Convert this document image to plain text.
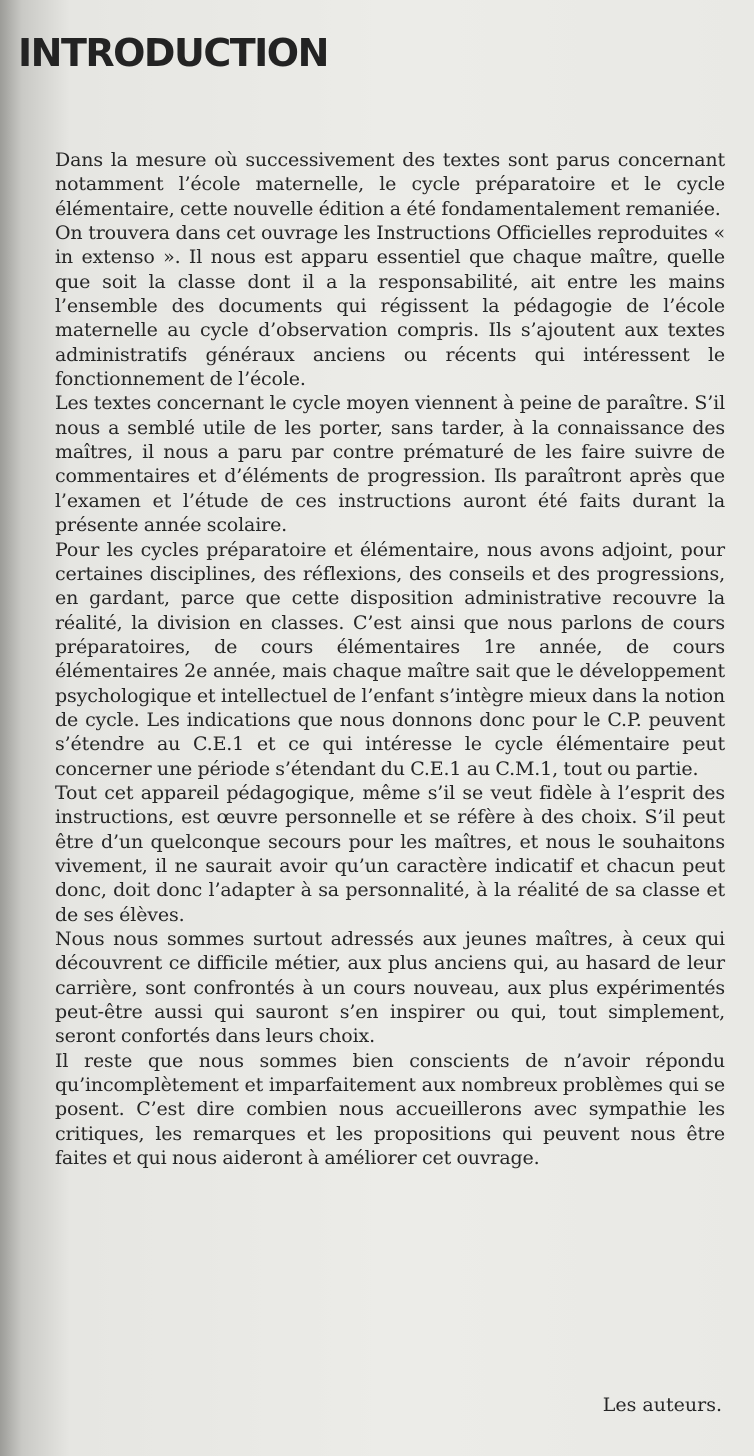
INTRODUCTION

Dans la mesure où successivement des textes sont parus concernant notamment l’école maternelle, le cycle préparatoire et le cycle élémentaire, cette nouvelle édition a été fondamentalement remaniée.

On trouvera dans cet ouvrage les Instructions Officielles reproduites « in extenso ». Il nous est apparu essentiel que chaque maître, quelle que soit la classe dont il a la responsabilité, ait entre les mains l’ensemble des documents qui régissent la pédagogie de l’école maternelle au cycle d’observation compris. Ils s’ajoutent aux textes administratifs généraux anciens ou récents qui intéressent le fonctionnement de l’école.

Les textes concernant le cycle moyen viennent à peine de paraître. S’il nous a semblé utile de les porter, sans tarder, à la connaissance des maîtres, il nous a paru par contre prématuré de les faire suivre de commentaires et d’éléments de progression. Ils paraîtront après que l’examen et l’étude de ces instructions auront été faits durant la présente année scolaire.

Pour les cycles préparatoire et élémentaire, nous avons adjoint, pour certaines disciplines, des réflexions, des conseils et des progressions, en gardant, parce que cette disposition administrative recouvre la réalité, la division en classes. C’est ainsi que nous parlons de cours préparatoires, de cours élémentaires 1re année, de cours élémentaires 2e année, mais chaque maître sait que le développement psychologique et intellectuel de l’enfant s’intègre mieux dans la notion de cycle. Les indications que nous donnons donc pour le C.P. peuvent s’étendre au C.E.1 et ce qui intéresse le cycle élémentaire peut concerner une période s’étendant du C.E.1 au C.M.1, tout ou partie.

Tout cet appareil pédagogique, même s’il se veut fidèle à l’esprit des instructions, est œuvre personnelle et se réfère à des choix. S’il peut être d’un quelconque secours pour les maîtres, et nous le souhaitons vivement, il ne saurait avoir qu’un caractère indicatif et chacun peut donc, doit donc l’adapter à sa personnalité, à la réalité de sa classe et de ses élèves.

Nous nous sommes surtout adressés aux jeunes maîtres, à ceux qui découvrent ce difficile métier, aux plus anciens qui, au hasard de leur carrière, sont confrontés à un cours nouveau, aux plus expérimentés peut-être aussi qui sauront s’en inspirer ou qui, tout simplement, seront confortés dans leurs choix.

Il reste que nous sommes bien conscients de n’avoir répondu qu’incomplètement et imparfaitement aux nombreux problèmes qui se posent. C’est dire combien nous accueillerons avec sympathie les critiques, les remarques et les propositions qui peuvent nous être faites et qui nous aideront à améliorer cet ouvrage.

Les auteurs.
